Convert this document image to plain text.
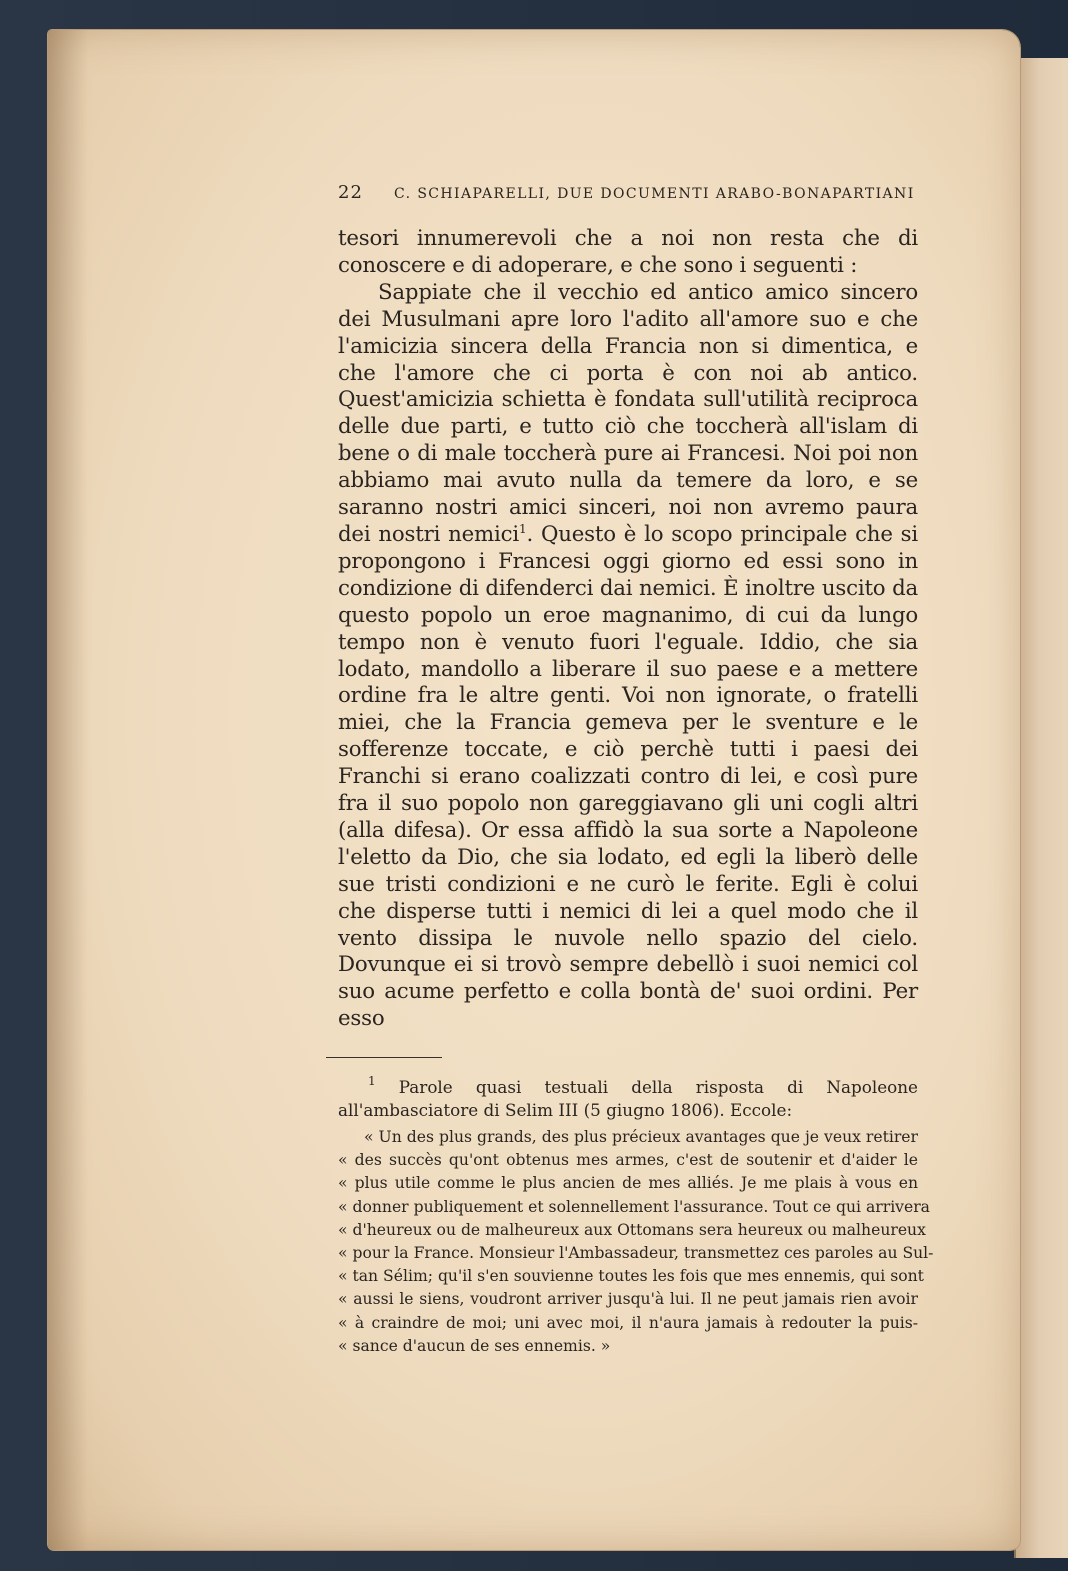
22	C. SCHIAPARELLI, DUE DOCUMENTI ARABO-BONAPARTIANI

tesori innumerevoli che a noi non resta che di conoscere e di adoperare, e che sono i seguenti :

Sappiate che il vecchio ed antico amico sincero dei Musulmani apre loro l'adito all'amore suo e che l'amicizia sincera della Francia non si dimentica, e che l'amore che ci porta è con noi ab antico. Quest'amicizia schietta è fondata sull'utilità reciproca delle due parti, e tutto ciò che toccherà all'islam di bene o di male toccherà pure ai Francesi. Noi poi non abbiamo mai avuto nulla da temere da loro, e se saranno nostri amici sinceri, noi non avremo paura dei nostri nemici$^1$. Questo è lo scopo principale che si propongono i Francesi oggi giorno ed essi sono in condizione di difenderci dai nemici. È inoltre uscito da questo popolo un eroe magnanimo, di cui da lungo tempo non è venuto fuori l'eguale. Iddio, che sia lodato, mandollo a liberare il suo paese e a mettere ordine fra le altre genti. Voi non ignorate, o fratelli miei, che la Francia gemeva per le sventure e le sofferenze toccate, e ciò perchè tutti i paesi dei Franchi si erano coalizzati contro di lei, e così pure fra il suo popolo non gareggiavano gli uni cogli altri (alla difesa). Or essa affidò la sua sorte a Napoleone l'eletto da Dio, che sia lodato, ed egli la liberò delle sue tristi condizioni e ne curò le ferite. Egli è colui che disperse tutti i nemici di lei a quel modo che il vento dissipa le nuvole nello spazio del cielo. Dovunque ei si trovò sempre debellò i suoi nemici col suo acume perfetto e colla bontà de' suoi ordini. Per esso

$^1$ Parole quasi testuali della risposta di Napoleone all'ambasciatore di Selim III (5 giugno 1806). Eccole:

« Un des plus grands, des plus précieux avantages que je veux retirer
« des succès qu'ont obtenus mes armes, c'est de soutenir et d'aider le
« plus utile comme le plus ancien de mes alliés. Je me plais à vous en
« donner publiquement et solennellement l'assurance. Tout ce qui arrivera
« d'heureux ou de malheureux aux Ottomans sera heureux ou malheureux
« pour la France. Monsieur l'Ambassadeur, transmettez ces paroles au Sul-
« tan Sélim; qu'il s'en souvienne toutes les fois que mes ennemis, qui sont
« aussi le siens, voudront arriver jusqu'à lui. Il ne peut jamais rien avoir
« à craindre de moi; uni avec moi, il n'aura jamais à redouter la puis-
« sance d'aucun de ses ennemis. »
